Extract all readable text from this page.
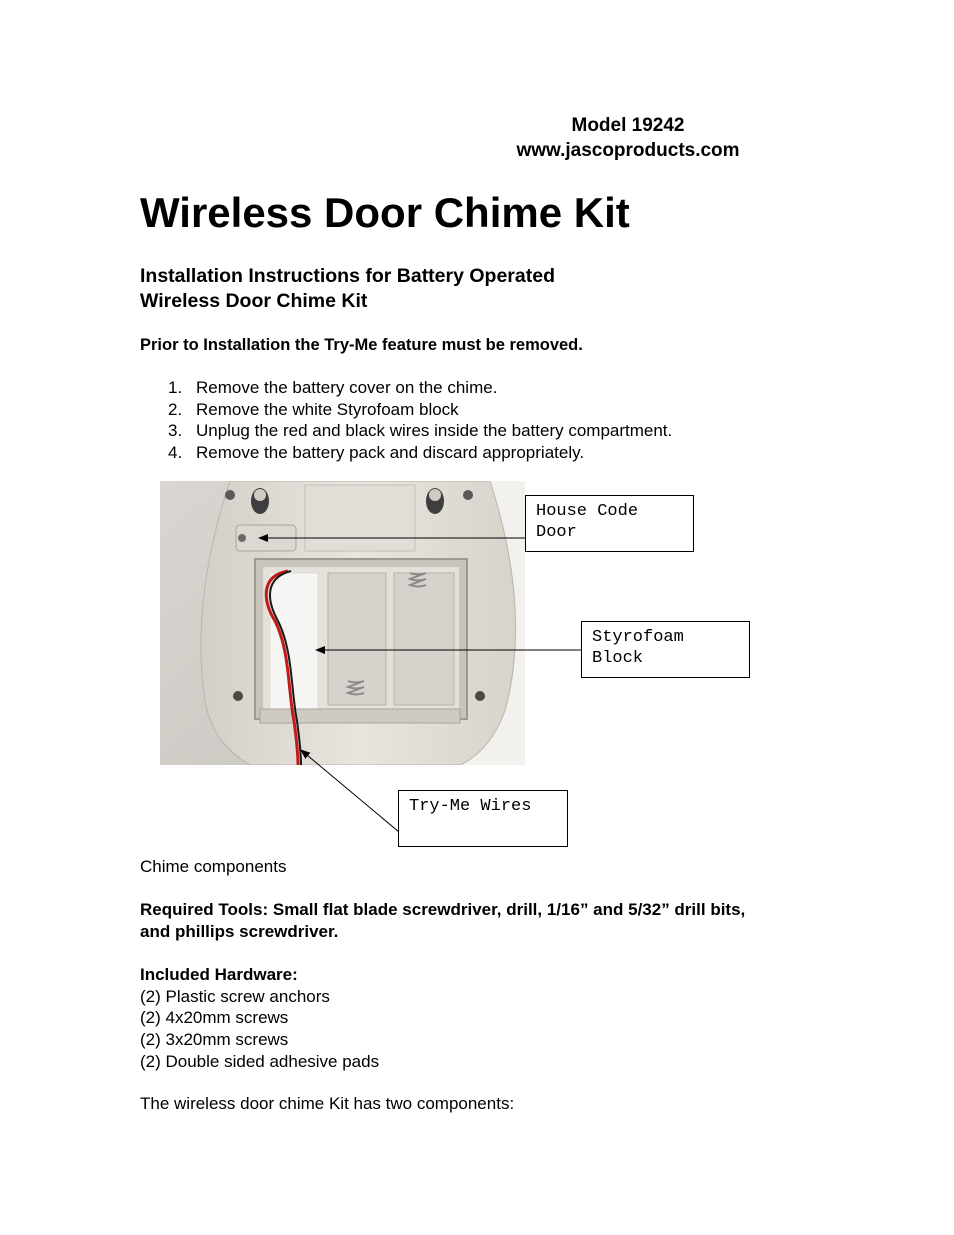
Model 19242
www.jascoproducts.com
Wireless Door Chime Kit
Installation Instructions for Battery Operated
Wireless Door Chime Kit
Prior to Installation the Try-Me feature must be removed.
1. Remove the battery cover on the chime.
2. Remove the white Styrofoam block
3. Unplug the red and black wires inside the battery compartment.
4. Remove the battery pack and discard appropriately.
House Code
Door
Styrofoam
Block
Try-Me Wires
Chime components
Required Tools: Small flat blade screwdriver, drill, 1/16” and 5/32” drill bits,
and phillips screwdriver.
Included Hardware:
(2) Plastic screw anchors
(2) 4x20mm screws
(2) 3x20mm screws
(2) Double sided adhesive pads
The wireless door chime Kit has two components:
